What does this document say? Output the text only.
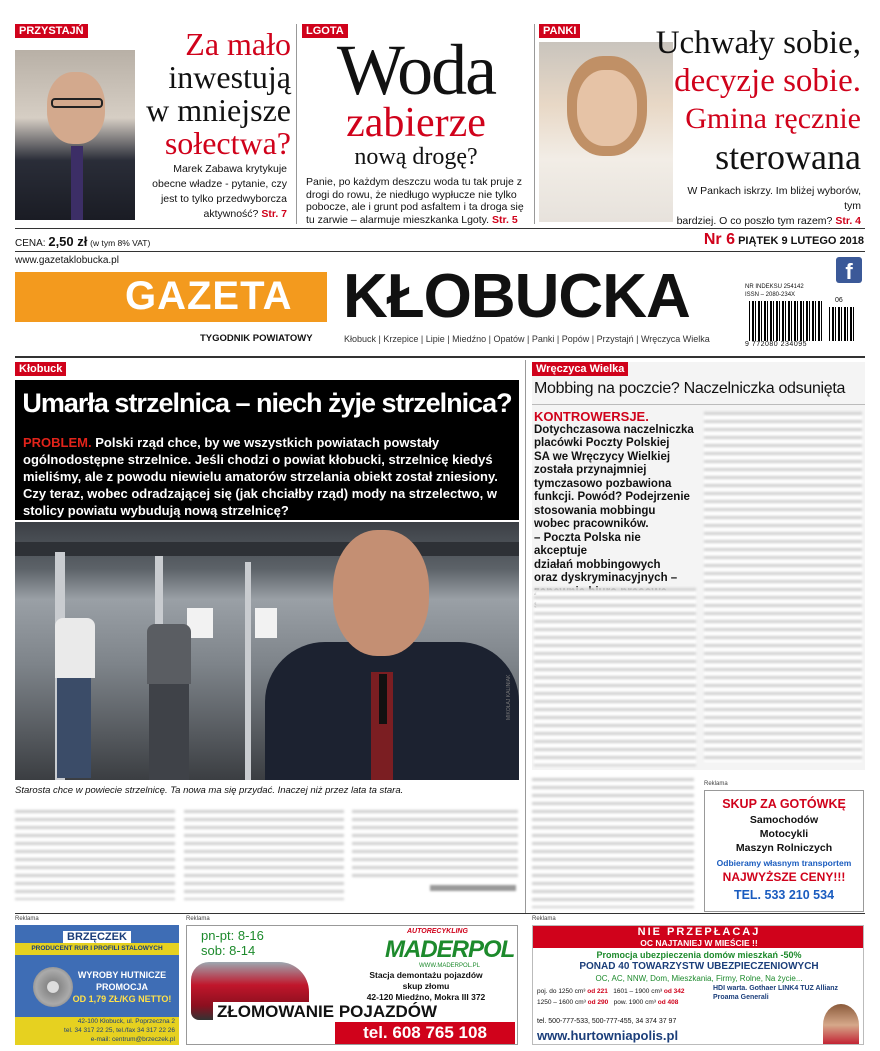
PRZYSTAJŃ	Za mało
inwestują
w mniejsze
sołectwa?
Marek Zabawa krytykuje
obecne władze - pytanie, czy
jest to tylko przedwyborcza
aktywność? Str. 7
LGOTA
Woda
zabierze
nową drogę?
Panie, po każdym deszczu woda tu tak pruje z
drogi do rowu, że niedługo wypłucze nie tylko
pobocze, ale i grunt pod asfaltem i ta droga się
tu zarwie – alarmuje mieszkanka Lgoty. Str. 5
PANKI	Uchwały sobie,
decyzje sobie.
Gmina ręcznie
sterowana
W Pankach iskrzy. Im bliżej wyborów, tym
bardziej. O co poszło tym razem? Str. 4
CENA: 2,50 zł (w tym 8% VAT)	Nr 6 PIĄTEK 9 LUTEGO 2018
www.gazetaklobucka.pl	f
GAZETA KŁOBUCKA
TYGODNIK POWIATOWY	Kłobuck | Krzepice | Lipie | Miedźno | Opatów | Panki | Popów | Przystajń | Wręczyca Wielka
NR INDEKSU 254142
ISSN – 2080-234X
06
9 772080 234095
Kłobuck
Umarła strzelnica – niech żyje strzelnica?
PROBLEM. Polski rząd chce, by we wszystkich powiatach powstały ogólnodostępne strzelnice. Jeśli chodzi o powiat kłobucki, strzelnicę kiedyś mieliśmy, ale z powodu niewielu amatorów strzelania obiekt został zniesiony. Czy teraz, wobec odradzającej się (jak chciałby rząd) mody na strzelectwo, w stolicy powiatu wybudują nową strzelnicę?
MIKOŁAJ KALINIAK
Starosta chce w powiecie strzelnicę. Ta nowa ma się przydać. Inaczej niż przez lata ta stara.
Wręczyca Wielka
Mobbing na poczcie? Naczelniczka odsunięta
KONTROWERSJE.
Dotychczasowa naczelniczka
placówki Poczty Polskiej
SA we Wręczycy Wielkiej
została przynajmniej
tymczasowo pozbawiona
funkcji. Powód? Podejrzenie
stosowania mobbingu
wobec pracowników.
– Poczta Polska nie akceptuje
działań mobbingowych
oraz dyskryminacyjnych –
Reklama
SKUP ZA GOTÓWKĘ
Samochodów
Motocykli
Maszyn Rolniczych
Odbieramy własnym transportem
NAJWYŻSZE CENY!!!
TEL. 533 210 534
Reklama	Reklama	Reklama
BRZĘCZEK
PRODUCENT RUR I PROFILI STALOWYCH
WYROBY HUTNICZE
PROMOCJA
OD 1,79 ZŁ/KG NETTO!
42-100 Kłobuck, ul. Poprzeczna 2
tel. 34 317 22 25, tel./fax 34 317 22 26
e-mail: centrum@brzeczek.pl
pn-pt: 8-16
sob: 8-14
AUTORECYKLING
MADERPOL
WWW.MADERPOL.PL
Stacja demontażu pojazdów
skup złomu
42-120 Miedźno, Mokra III 372
ZŁOMOWANIE POJAZDÓW
tel. 608 765 108
NIE PRZEPŁACAJ
OC NAJTANIEJ W MIEŚCIE !!
Promocja ubezpieczenia domów mieszkań -50%
PONAD 40 TOWARZYSTW UBEZPIECZENIOWYCH
OC, AC, NNW, Dom, Mieszkania, Firmy, Rolne, Na życie...
poj. do 1250 cm³ od 221 1601 – 1900 cm³ od 342
1250 – 1600 cm³ od 290 pow. 1900 cm³ od 408
HDI warta. Gothaer LINK4 TUZ Allianz Proama Generali
tel. 500-777-533, 500-777-455, 34 374 37 97
www.hurtowniapolis.pl
